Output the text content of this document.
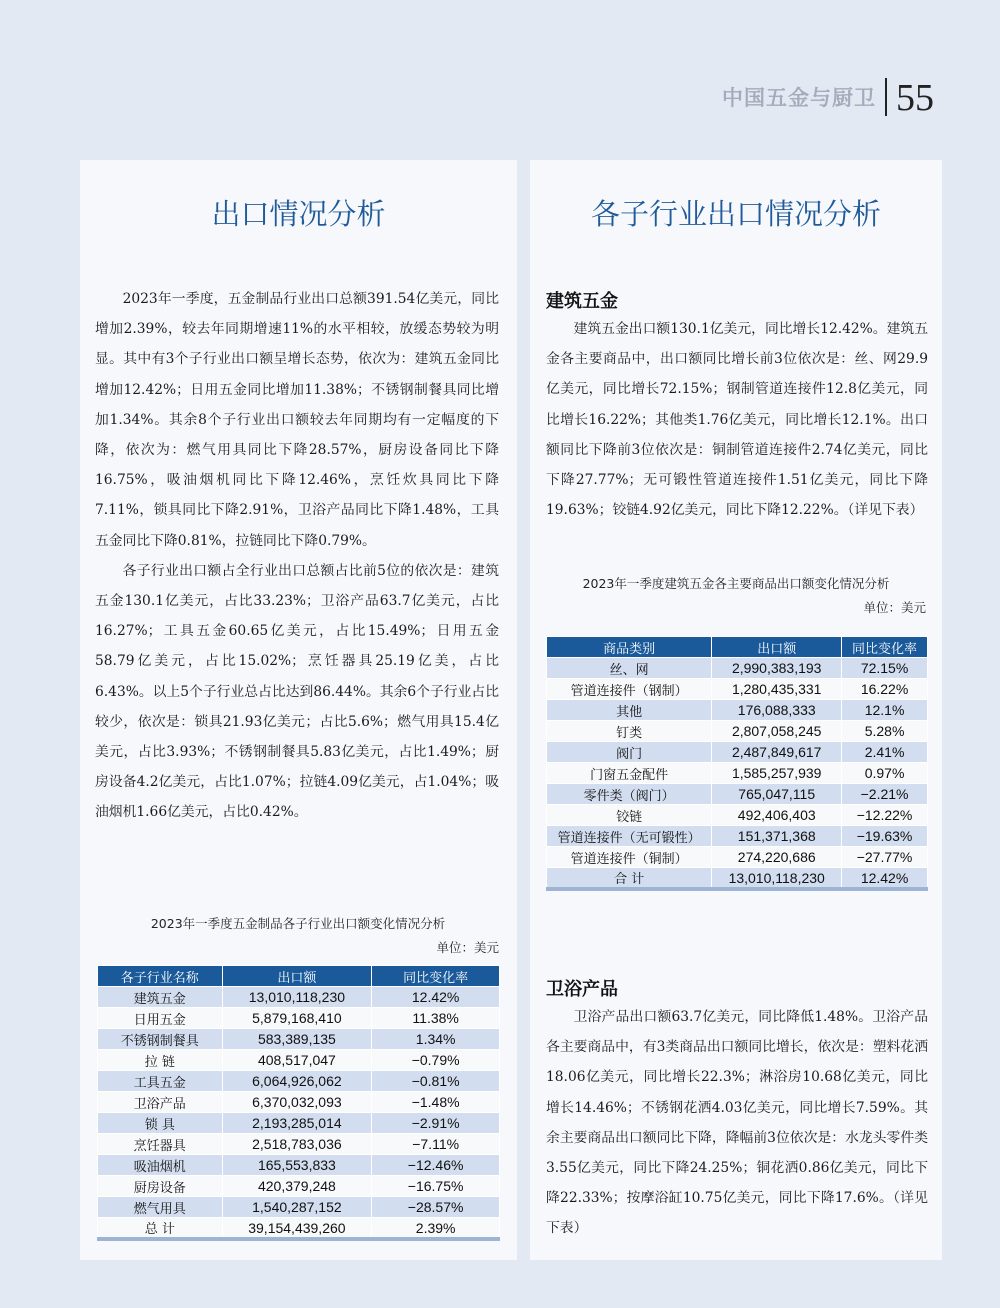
中国五金与厨卫 55
出口情况分析

2023年一季度，五金制品行业出口总额391.54亿美元，同比增加2.39%，较去年同期增速11%的水平相较，放缓态势较为明显。其中有3个子行业出口额呈增长态势，依次为：建筑五金同比增加12.42%；日用五金同比增加11.38%；不锈钢制餐具同比增加1.34%。其余8个子行业出口额较去年同期均有一定幅度的下降，依次为：燃气用具同比下降28.57%，厨房设备同比下降16.75%，吸油烟机同比下降12.46%，烹饪炊具同比下降7.11%，锁具同比下降2.91%，卫浴产品同比下降1.48%，工具五金同比下降0.81%，拉链同比下降0.79%。

各子行业出口额占全行业出口总额占比前5位的依次是：建筑五金130.1亿美元，占比33.23%；卫浴产品63.7亿美元，占比16.27%；工具五金60.65亿美元，占比15.49%；日用五金58.79亿美元，占比15.02%；烹饪器具25.19亿美，占比6.43%。以上5个子行业总占比达到86.44%。其余6个子行业占比较少，依次是：锁具21.93亿美元；占比5.6%；燃气用具15.4亿美元，占比3.93%；不锈钢制餐具5.83亿美元，占比1.49%；厨房设备4.2亿美元，占比1.07%；拉链4.09亿美元，占1.04%；吸油烟机1.66亿美元，占比0.42%。

2023年一季度五金制品各子行业出口额变化情况分析
单位：美元
各子行业名称	出口额	同比变化率
建筑五金	13,010,118,230	12.42%
日用五金	5,879,168,410	11.38%
不锈钢制餐具	583,389,135	1.34%
拉 链	408,517,047	−0.79%
工具五金	6,064,926,062	−0.81%
卫浴产品	6,370,032,093	−1.48%
锁 具	2,193,285,014	−2.91%
烹饪器具	2,518,783,036	−7.11%
吸油烟机	165,553,833	−12.46%
厨房设备	420,379,248	−16.75%
燃气用具	1,540,287,152	−28.57%
总 计	39,154,439,260	2.39%
各子行业出口情况分析
建筑五金

建筑五金出口额130.1亿美元，同比增长12.42%。建筑五金各主要商品中，出口额同比增长前3位依次是：丝、网29.9亿美元，同比增长72.15%；钢制管道连接件12.8亿美元，同比增长16.22%；其他类1.76亿美元，同比增长12.1%。出口额同比下降前3位依次是：铜制管道连接件2.74亿美元，同比下降27.77%；无可锻性管道连接件1.51亿美元，同比下降19.63%；铰链4.92亿美元，同比下降12.22%。（详见下表）

2023年一季度建筑五金各主要商品出口额变化情况分析
单位：美元
商品类别	出口额	同比变化率
丝、网	2,990,383,193	72.15%
管道连接件（钢制）	1,280,435,331	16.22%
其他	176,088,333	12.1%
钉类	2,807,058,245	5.28%
阀门	2,487,849,617	2.41%
门窗五金配件	1,585,257,939	0.97%
零件类（阀门）	765,047,115	−2.21%
铰链	492,406,403	−12.22%
管道连接件（无可锻性）	151,371,368	−19.63%
管道连接件（铜制）	274,220,686	−27.77%
合 计	13,010,118,230	12.42%
卫浴产品

卫浴产品出口额63.7亿美元，同比降低1.48%。卫浴产品各主要商品中，有3类商品出口额同比增长，依次是：塑料花洒18.06亿美元，同比增长22.3%；淋浴房10.68亿美元，同比增长14.46%；不锈钢花洒4.03亿美元，同比增长7.59%。其余主要商品出口额同比下降，降幅前3位依次是：水龙头零件类3.55亿美元，同比下降24.25%；铜花洒0.86亿美元，同比下降22.33%；按摩浴缸10.75亿美元，同比下降17.6%。（详见下表）
